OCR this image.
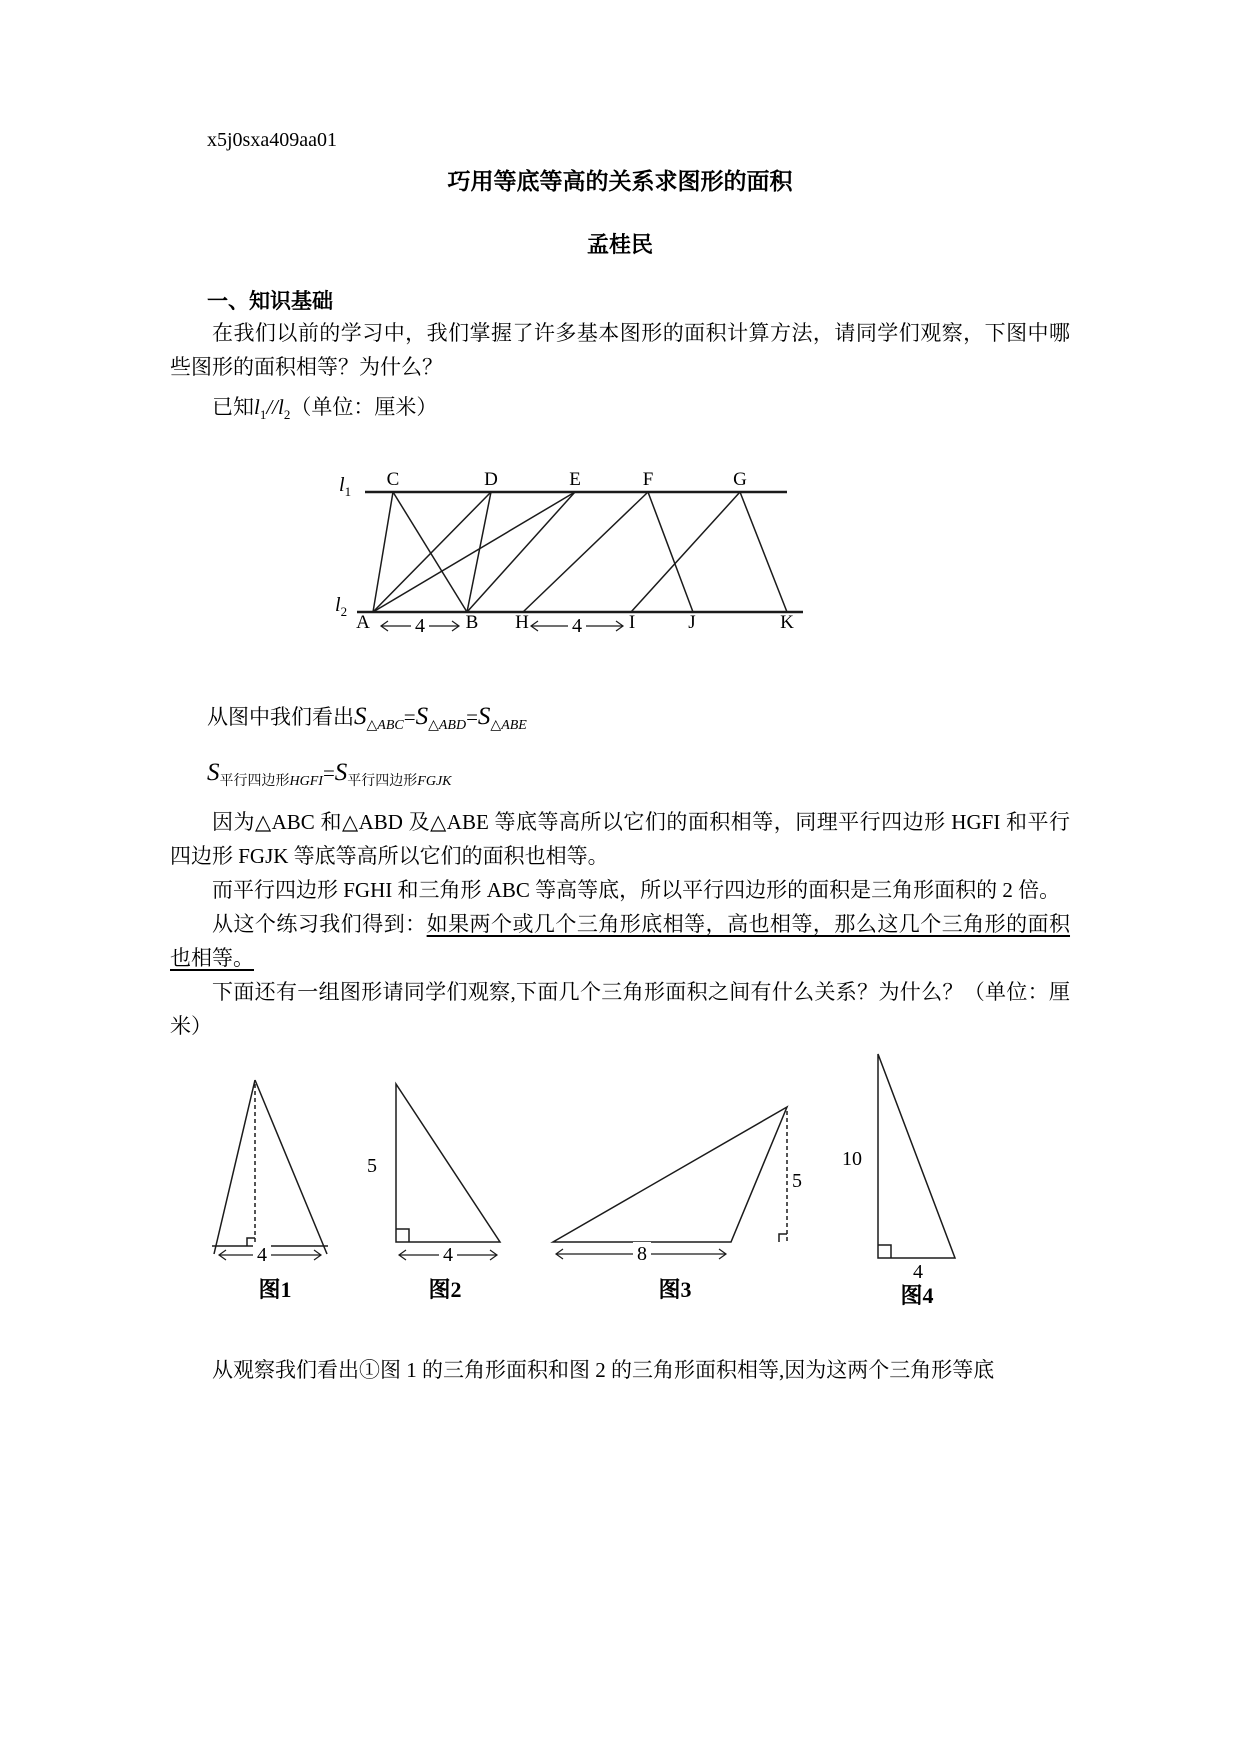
x5j0sxa409aa01
巧用等底等高的关系求图形的面积
孟桂民
一、知识基础

在我们以前的学习中，我们掌握了许多基本图形的面积计算方法，请同学们观察，下图中哪些图形的面积相等？为什么？

已知$l_1//l_2$（单位：厘米）

$l_1$
$l_2$
C	D	E	F	G
A	B H	I	J	K
4	4

从图中我们看出$S_{\triangle ABC}=S_{\triangle ABD}=S_{\triangle ABE}$

$S_{平行四边形HGFI}=S_{平行四边形FGJK}$

因为△ABC 和△ABD 及△ABE 等底等高所以它们的面积相等，同理平行四边形 HGFI 和平行四边形 FGJK 等底等高所以它们的面积也相等。

而平行四边形 FGHI 和三角形 ABC 等高等底，所以平行四边形的面积是三角形面积的 2 倍。

从这个练习我们得到：如果两个或几个三角形底相等，高也相等，那么这几个三角形的面积也相等。

下面还有一组图形请同学们观察,下面几个三角形面积之间有什么关系？为什么？（单位：厘米）

4
图1
5
4
图2
5
8
图3
10
4
图4

从观察我们看出①图 1 的三角形面积和图 2 的三角形面积相等,因为这两个三角形等底
